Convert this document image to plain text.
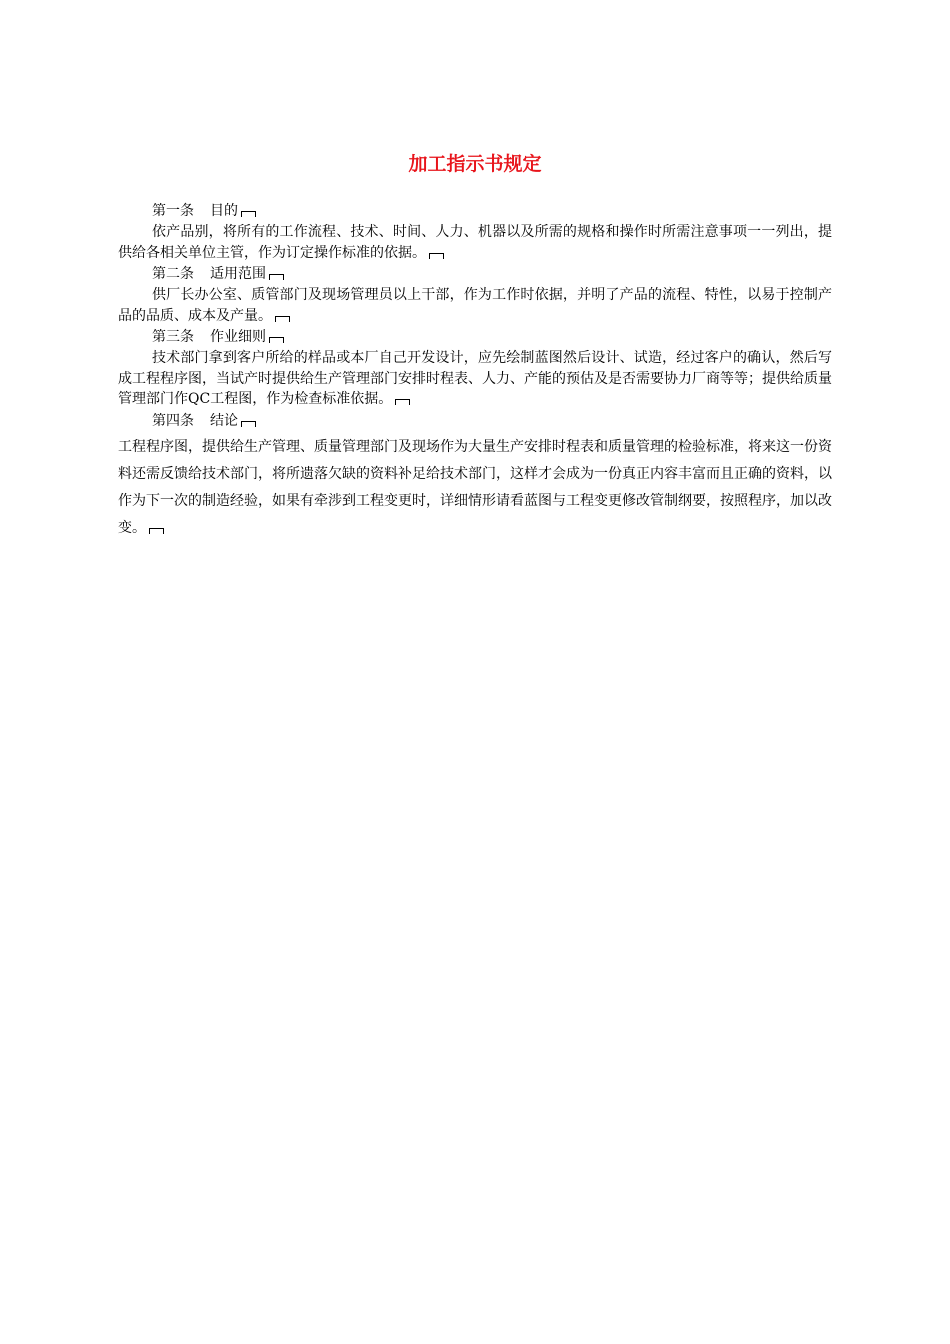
加工指示书规定

第一条 目的

依产品别，将所有的工作流程、技术、时间、人力、机器以及所需的规格和操作时所需注意事项一一列出，提供给各相关单位主管，作为订定操作标准的依据。

第二条 适用范围

供厂长办公室、质管部门及现场管理员以上干部，作为工作时依据，并明了产品的流程、特性，以易于控制产品的品质、成本及产量。

第三条 作业细则

技术部门拿到客户所给的样品或本厂自己开发设计，应先绘制蓝图然后设计、试造，经过客户的确认，然后写成工程程序图，当试产时提供给生产管理部门安排时程表、人力、产能的预估及是否需要协力厂商等等；提供给质量管理部门作QC工程图，作为检查标准依据。

第四条 结论

工程程序图，提供给生产管理、质量管理部门及现场作为大量生产安排时程表和质量管理的检验标准，将来这一份资料还需反馈给技术部门，将所遗落欠缺的资料补足给技术部门，这样才会成为一份真正内容丰富而且正确的资料，以作为下一次的制造经验，如果有牵涉到工程变更时，详细情形请看蓝图与工程变更修改管制纲要，按照程序，加以改变。
